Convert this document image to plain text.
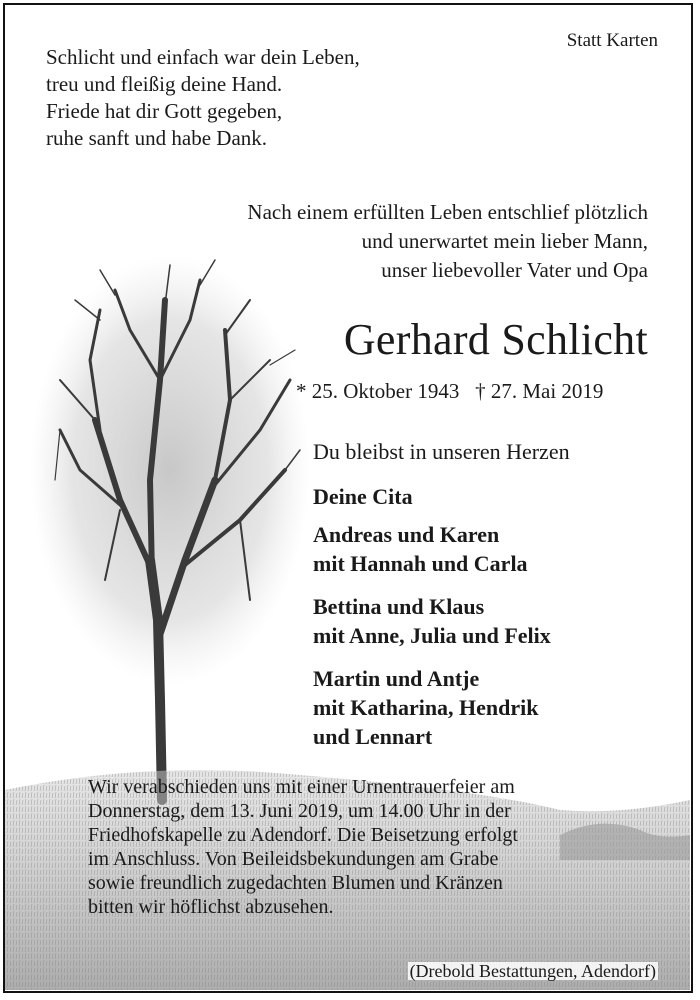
Statt Karten
Schlicht und einfach war dein Leben,
treu und fleißig deine Hand.
Friede hat dir Gott gegeben,
ruhe sanft und habe Dank.
Nach einem erfüllten Leben entschlief plötzlich
und unerwartet mein lieber Mann,
unser liebevoller Vater und Opa
Gerhard Schlicht
* 25. Oktober 1943 † 27. Mai 2019
Du bleibst in unseren Herzen
Deine Cita
Andreas und Karen
mit Hannah und Carla
Bettina und Klaus
mit Anne, Julia und Felix
Martin und Antje
mit Katharina, Hendrik
und Lennart
Wir verabschieden uns mit einer Urnentrauerfeier am
Donnerstag, dem 13. Juni 2019, um 14.00 Uhr in der
Friedhofskapelle zu Adendorf. Die Beisetzung erfolgt
im Anschluss. Von Beileidsbekundungen am Grabe
sowie freundlich zugedachten Blumen und Kränzen
bitten wir höflichst abzusehen.
(Drebold Bestattungen, Adendorf)
